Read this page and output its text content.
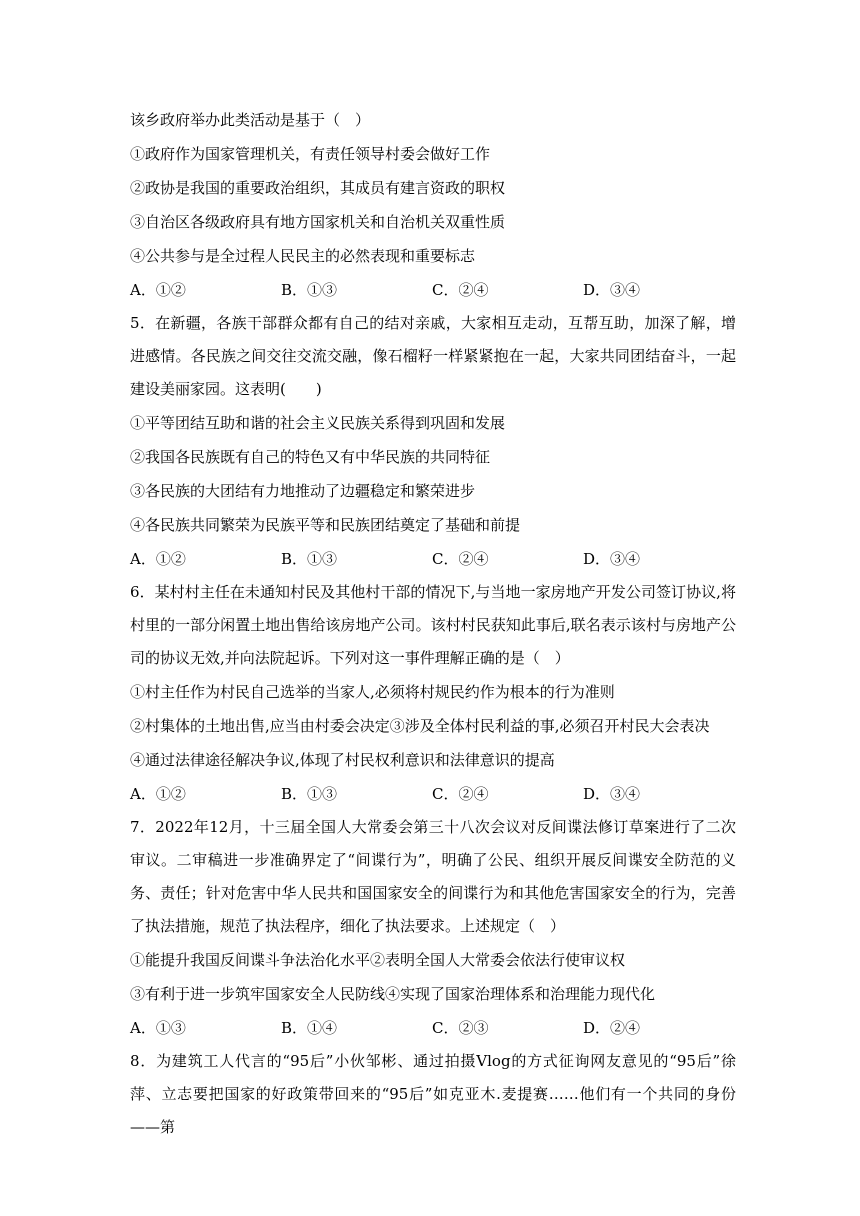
该乡政府举办此类活动是基于（　）
①政府作为国家管理机关，有责任领导村委会做好工作
②政协是我国的重要政治组织，其成员有建言资政的职权
③自治区各级政府具有地方国家机关和自治机关双重性质
④公共参与是全过程人民民主的必然表现和重要标志
A．①②	B．①③	C．②④	D．③④
5．在新疆，各族干部群众都有自己的结对亲戚，大家相互走动，互帮互助，加深了解，增进感情。各民族之间交往交流交融，像石榴籽一样紧紧抱在一起，大家共同团结奋斗，一起建设美丽家园。这表明(　　)
①平等团结互助和谐的社会主义民族关系得到巩固和发展
②我国各民族既有自己的特色又有中华民族的共同特征
③各民族的大团结有力地推动了边疆稳定和繁荣进步
④各民族共同繁荣为民族平等和民族团结奠定了基础和前提
A．①②	B．①③	C．②④	D．③④
6．某村村主任在未通知村民及其他村干部的情况下,与当地一家房地产开发公司签订协议,将村里的一部分闲置土地出售给该房地产公司。该村村民获知此事后,联名表示该村与房地产公司的协议无效,并向法院起诉。下列对这一事件理解正确的是（　）
①村主任作为村民自己选举的当家人,必须将村规民约作为根本的行为准则
②村集体的土地出售,应当由村委会决定③涉及全体村民利益的事,必须召开村民大会表决
④通过法律途径解决争议,体现了村民权利意识和法律意识的提高
A．①②	B．①③	C．②④	D．③④
7．2022年12月，十三届全国人大常委会第三十八次会议对反间谍法修订草案进行了二次审议。二审稿进一步准确界定了“间谍行为”，明确了公民、组织开展反间谍安全防范的义务、责任；针对危害中华人民共和国国家安全的间谍行为和其他危害国家安全的行为，完善了执法措施，规范了执法程序，细化了执法要求。上述规定（　）
①能提升我国反间谍斗争法治化水平②表明全国人大常委会依法行使审议权
③有利于进一步筑牢国家安全人民防线④实现了国家治理体系和治理能力现代化
A．①③	B．①④	C．②③	D．②④
8．为建筑工人代言的“95后”小伙邹彬、通过拍摄Vlog的方式征询网友意见的“95后”徐萍、立志要把国家的好政策带回来的“95后”如克亚木.麦提赛……他们有一个共同的身份——第
